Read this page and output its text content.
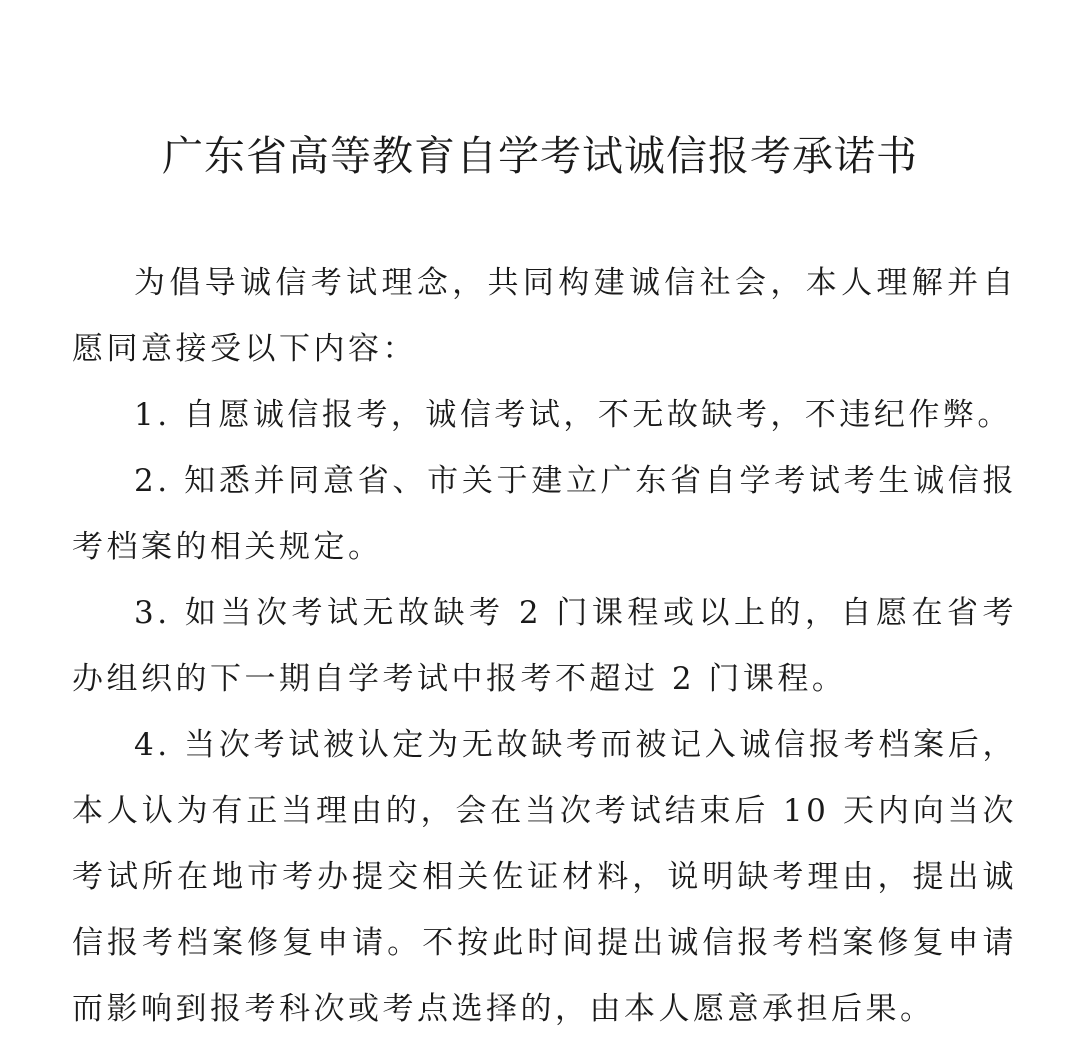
广东省高等教育自学考试诚信报考承诺书

为倡导诚信考试理念，共同构建诚信社会，本人理解并自愿同意接受以下内容：

1. 自愿诚信报考，诚信考试，不无故缺考，不违纪作弊。

2. 知悉并同意省、市关于建立广东省自学考试考生诚信报考档案的相关规定。

3. 如当次考试无故缺考 2 门课程或以上的，自愿在省考办组织的下一期自学考试中报考不超过 2 门课程。

4. 当次考试被认定为无故缺考而被记入诚信报考档案后，本人认为有正当理由的，会在当次考试结束后 10 天内向当次考试所在地市考办提交相关佐证材料，说明缺考理由，提出诚信报考档案修复申请。不按此时间提出诚信报考档案修复申请而影响到报考科次或考点选择的，由本人愿意承担后果。
